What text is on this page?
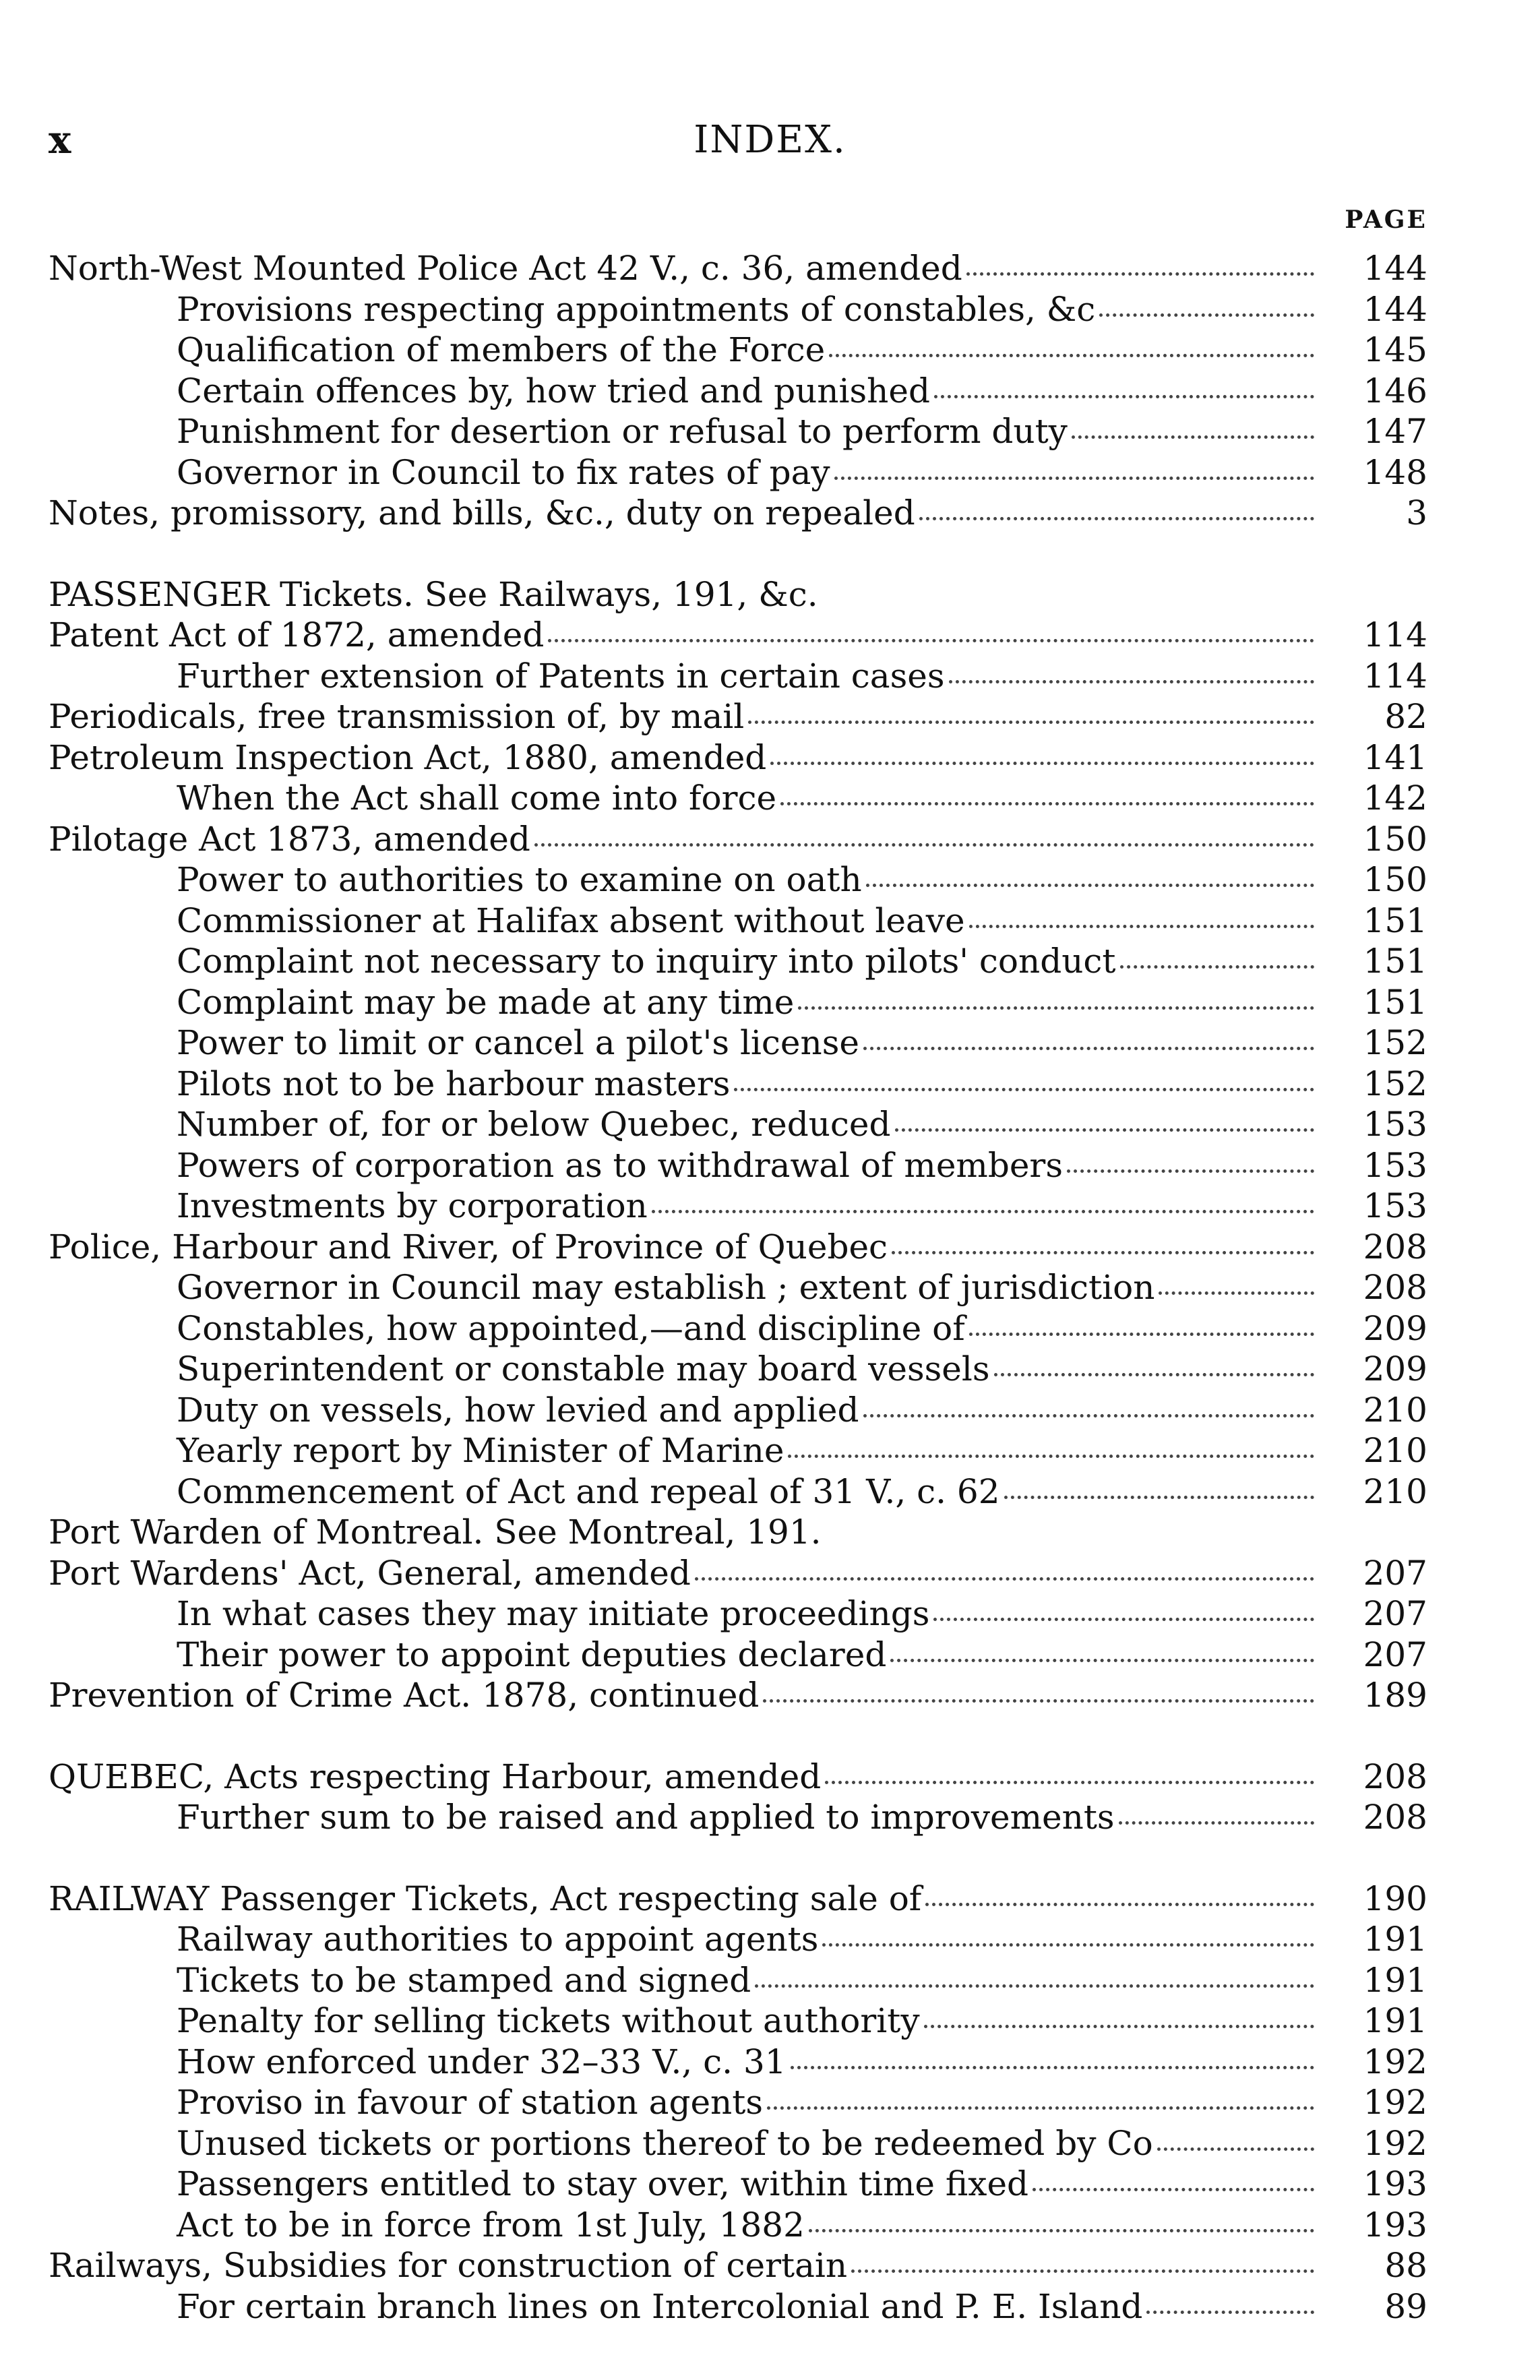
x	INDEX.
PAGE
North-West Mounted Police Act 42 V., c. 36, amended	144
Provisions respecting appointments of constables, &c	144
Qualification of members of the Force	145
Certain offences by, how tried and punished	146
Punishment for desertion or refusal to perform duty	147
Governor in Council to fix rates of pay	148
Notes, promissory, and bills, &c., duty on repealed	3
PASSENGER Tickets. See Railways, 191, &c.
Patent Act of 1872, amended	114
Further extension of Patents in certain cases	114
Periodicals, free transmission of, by mail	82
Petroleum Inspection Act, 1880, amended	141
When the Act shall come into force	142
Pilotage Act 1873, amended	150
Power to authorities to examine on oath	150
Commissioner at Halifax absent without leave	151
Complaint not necessary to inquiry into pilots' conduct	151
Complaint may be made at any time	151
Power to limit or cancel a pilot's license	152
Pilots not to be harbour masters	152
Number of, for or below Quebec, reduced	153
Powers of corporation as to withdrawal of members	153
Investments by corporation	153
Police, Harbour and River, of Province of Quebec	208
Governor in Council may establish ; extent of jurisdiction	208
Constables, how appointed,—and discipline of	209
Superintendent or constable may board vessels	209
Duty on vessels, how levied and applied	210
Yearly report by Minister of Marine	210
Commencement of Act and repeal of 31 V., c. 62	210
Port Warden of Montreal. See Montreal, 191.
Port Wardens' Act, General, amended	207
In what cases they may initiate proceedings	207
Their power to appoint deputies declared	207
Prevention of Crime Act. 1878, continued	189
QUEBEC, Acts respecting Harbour, amended	208
Further sum to be raised and applied to improvements	208
RAILWAY Passenger Tickets, Act respecting sale of	190
Railway authorities to appoint agents	191
Tickets to be stamped and signed	191
Penalty for selling tickets without authority	191
How enforced under 32–33 V., c. 31	192
Proviso in favour of station agents	192
Unused tickets or portions thereof to be redeemed by Co	192
Passengers entitled to stay over, within time fixed	193
Act to be in force from 1st July, 1882	193
Railways, Subsidies for construction of certain	88
For certain branch lines on Intercolonial and P. E. Island	89
